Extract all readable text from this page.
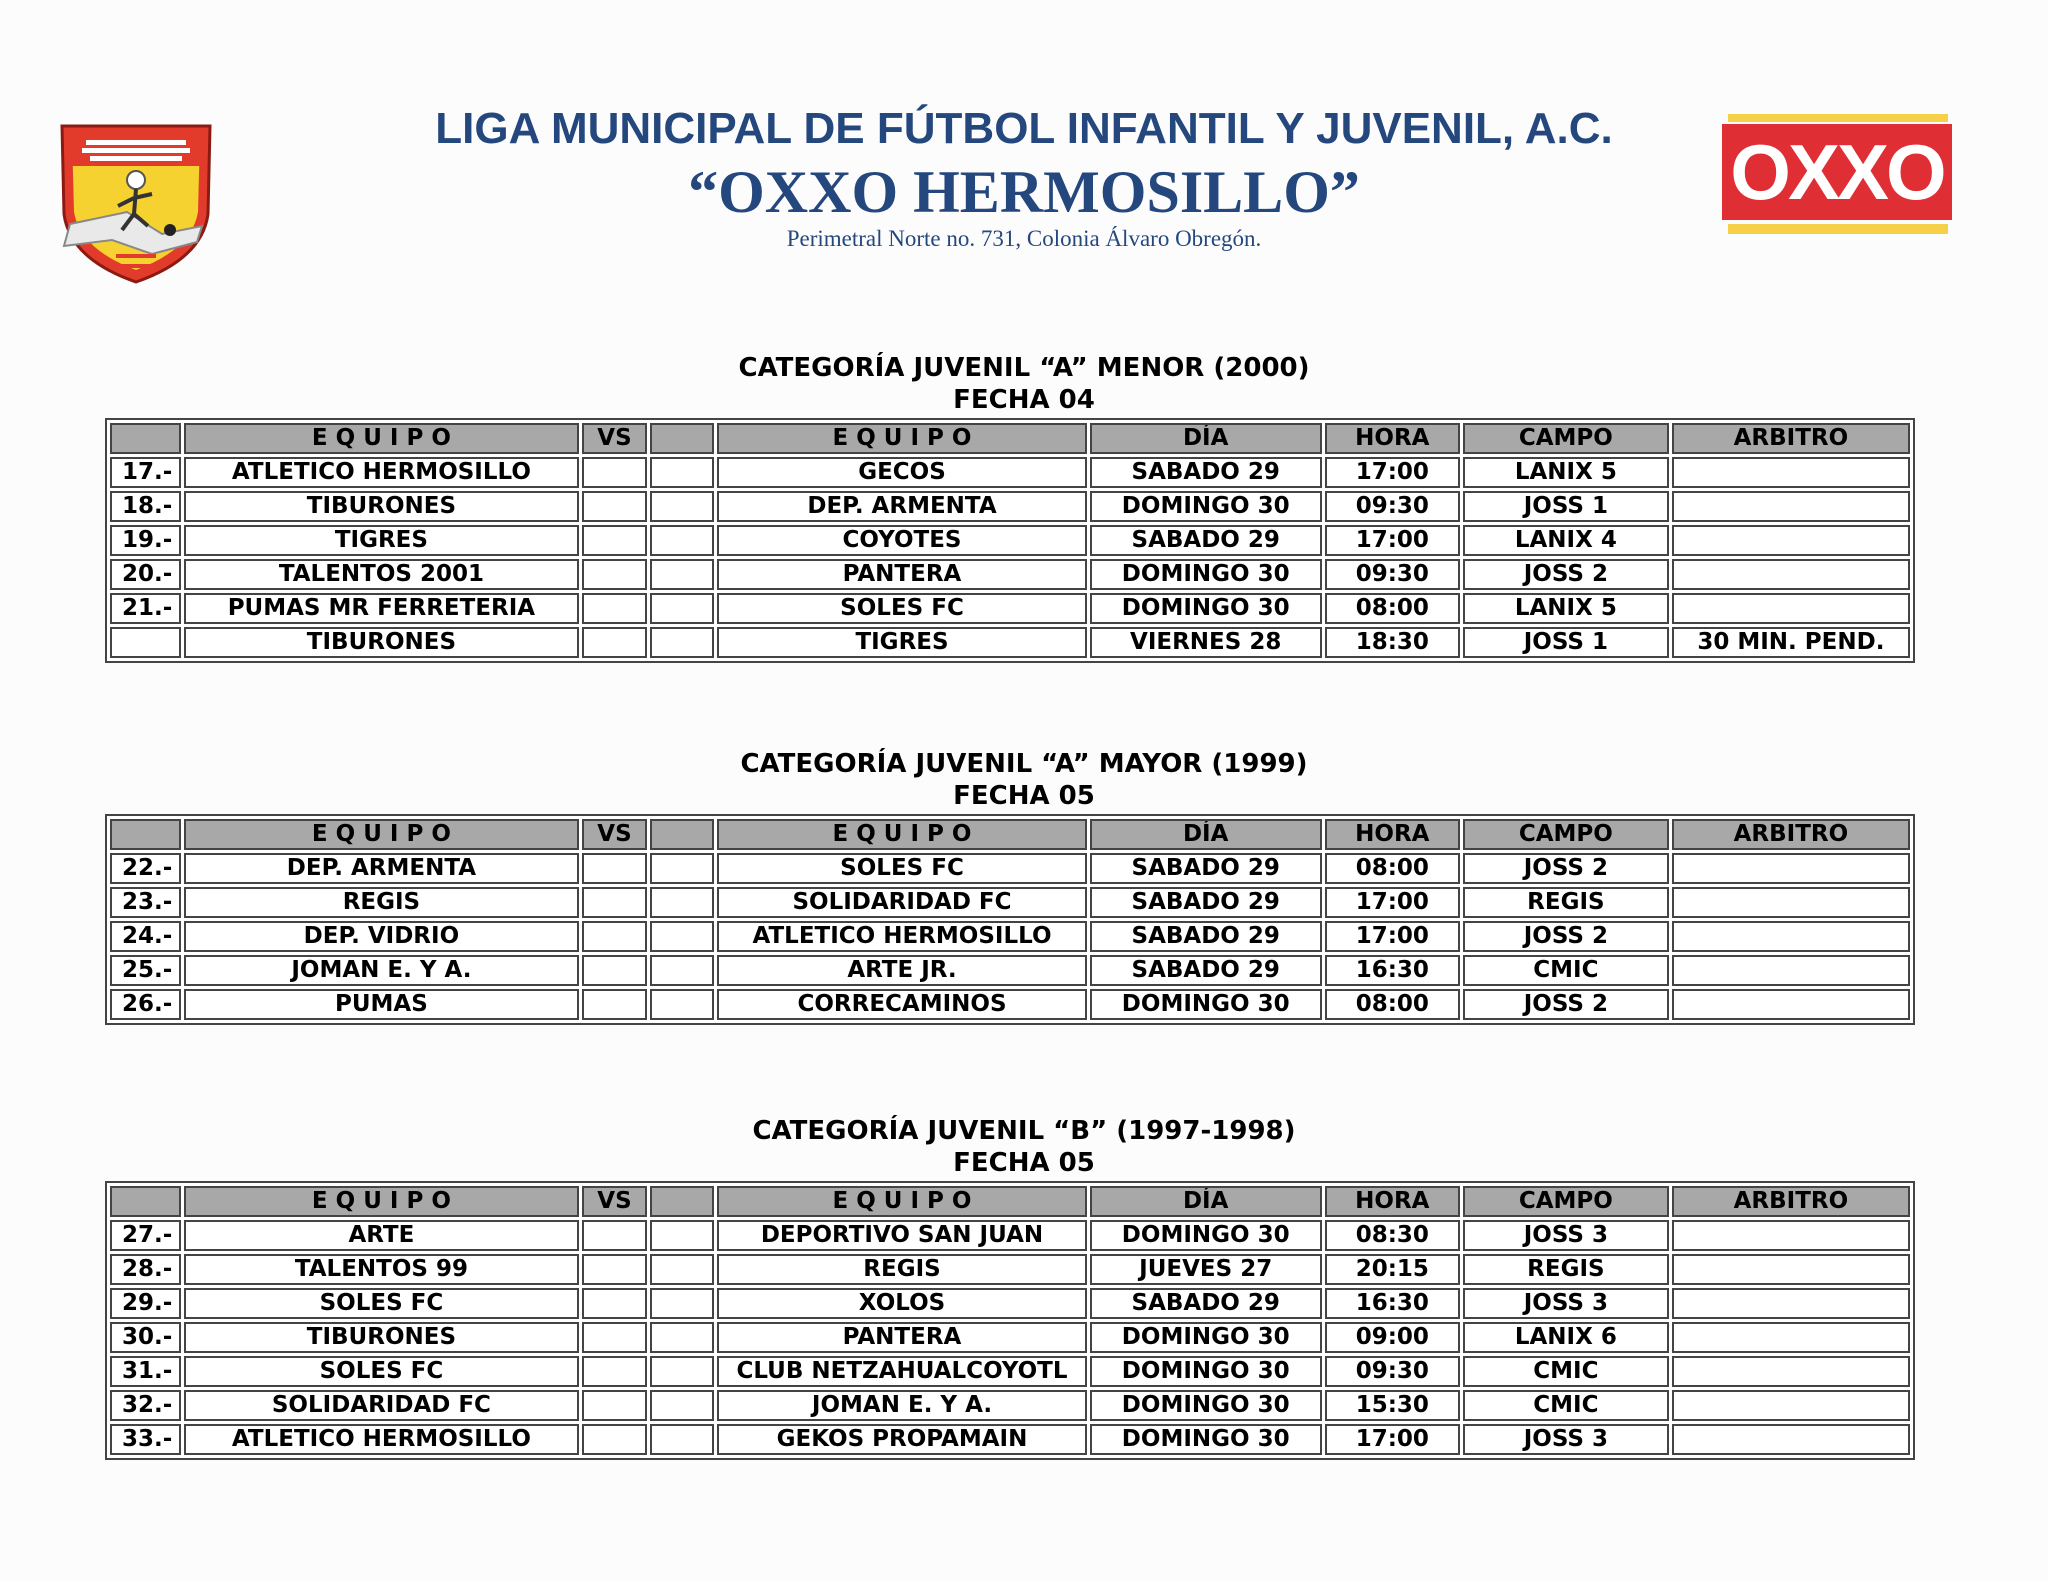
OXXO
LIGA MUNICIPAL DE FÚTBOL INFANTIL Y JUVENIL, A.C.
“OXXO HERMOSILLO”
Perimetral Norte no. 731, Colonia Álvaro Obregón.
CATEGORÍA JUVENIL “A” MENOR (2000)
FECHA 04
	E Q U I P O	VS		E Q U I P O	DÍA	HORA	CAMPO	ARBITRO
17.-	ATLETICO HERMOSILLO			GECOS	SABADO 29	17:00	LANIX 5	
18.-	TIBURONES			DEP. ARMENTA	DOMINGO 30	09:30	JOSS 1	
19.-	TIGRES			COYOTES	SABADO 29	17:00	LANIX 4	
20.-	TALENTOS 2001			PANTERA	DOMINGO 30	09:30	JOSS 2	
21.-	PUMAS MR FERRETERIA			SOLES FC	DOMINGO 30	08:00	LANIX 5	
	TIBURONES			TIGRES	VIERNES 28	18:30	JOSS 1	30 MIN. PEND.
CATEGORÍA JUVENIL “A” MAYOR (1999)
FECHA 05
	E Q U I P O	VS		E Q U I P O	DÍA	HORA	CAMPO	ARBITRO
22.-	DEP. ARMENTA			SOLES FC	SABADO 29	08:00	JOSS 2	
23.-	REGIS			SOLIDARIDAD FC	SABADO 29	17:00	REGIS	
24.-	DEP. VIDRIO			ATLETICO HERMOSILLO	SABADO 29	17:00	JOSS 2	
25.-	JOMAN E. Y A.			ARTE JR.	SABADO 29	16:30	CMIC	
26.-	PUMAS			CORRECAMINOS	DOMINGO 30	08:00	JOSS 2	
CATEGORÍA JUVENIL “B” (1997-1998)
FECHA 05
	E Q U I P O	VS		E Q U I P O	DÍA	HORA	CAMPO	ARBITRO
27.-	ARTE			DEPORTIVO SAN JUAN	DOMINGO 30	08:30	JOSS 3	
28.-	TALENTOS 99			REGIS	JUEVES 27	20:15	REGIS	
29.-	SOLES FC			XOLOS	SABADO 29	16:30	JOSS 3	
30.-	TIBURONES			PANTERA	DOMINGO 30	09:00	LANIX 6	
31.-	SOLES FC			CLUB NETZAHUALCOYOTL	DOMINGO 30	09:30	CMIC	
32.-	SOLIDARIDAD FC			JOMAN E. Y A.	DOMINGO 30	15:30	CMIC	
33.-	ATLETICO HERMOSILLO			GEKOS PROPAMAIN	DOMINGO 30	17:00	JOSS 3	
